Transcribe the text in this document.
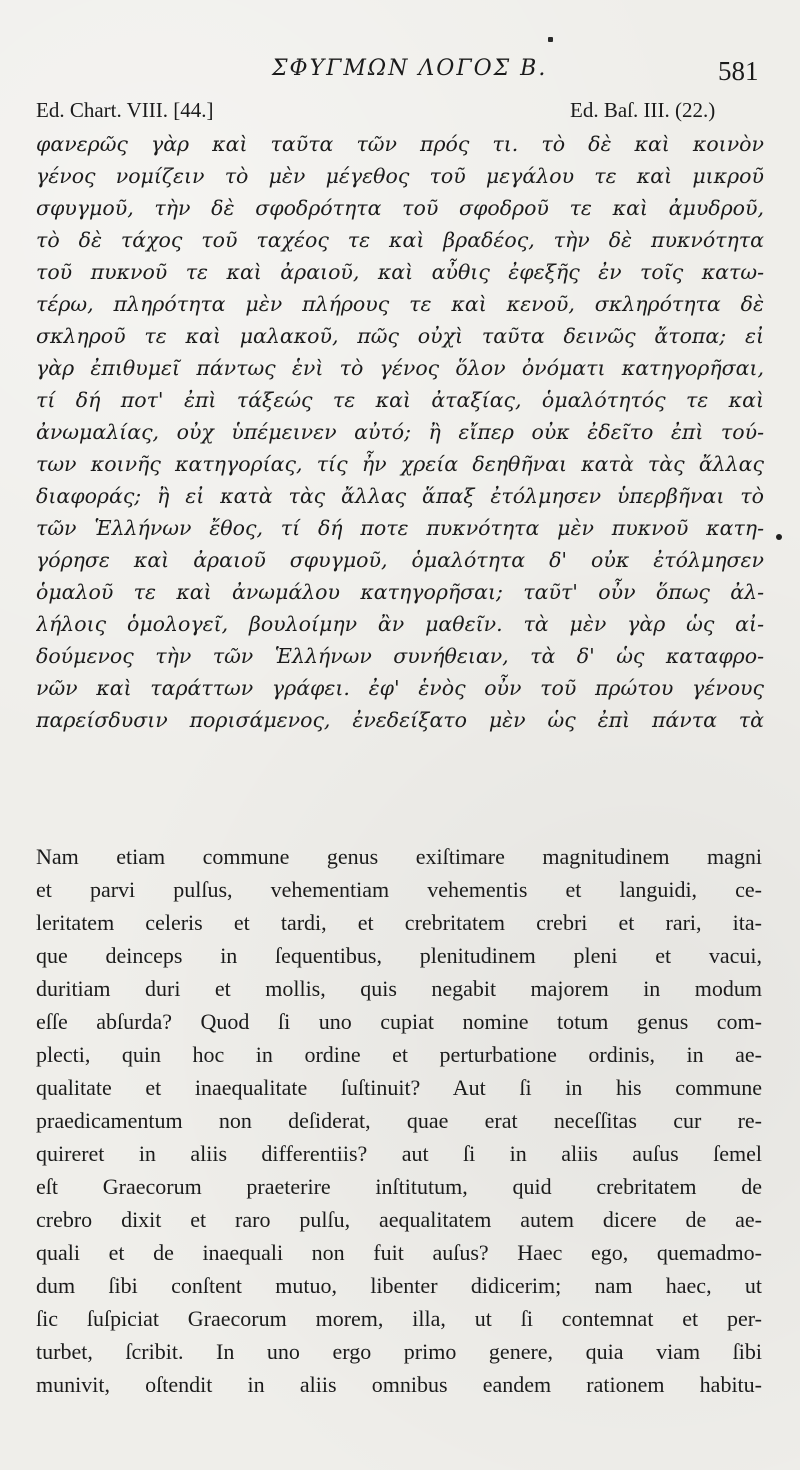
ΣΦΥΓΜΩΝ ΛΟΓΟΣ Β.	581
Ed. Chart. VIII. [44.]	Ed. Baſ. III. (22.)
φανερῶς γὰρ καὶ ταῦτα τῶν πρός τι. τὸ δὲ καὶ κοινὸν
γένος νομίζειν τὸ μὲν μέγεθος τοῦ μεγάλου τε καὶ μικροῦ
σφυγμοῦ, τὴν δὲ σφοδρότητα τοῦ σφοδροῦ τε καὶ ἀμυδροῦ,
τὸ δὲ τάχος τοῦ ταχέος τε καὶ βραδέος, τὴν δὲ πυκνότητα
τοῦ πυκνοῦ τε καὶ ἀραιοῦ, καὶ αὖθις ἐφεξῆς ἐν τοῖς κατω-
τέρω, πληρότητα μὲν πλήρους τε καὶ κενοῦ, σκληρότητα δὲ
σκληροῦ τε καὶ μαλακοῦ, πῶς οὐχὶ ταῦτα δεινῶς ἄτοπα; εἰ
γὰρ ἐπιθυμεῖ πάντως ἑνὶ τὸ γένος ὅλον ὀνόματι κατηγορῆσαι,
τί δή ποτ' ἐπὶ τάξεώς τε καὶ ἀταξίας, ὁμαλότητός τε καὶ
ἀνωμαλίας, οὐχ ὑπέμεινεν αὐτό; ἢ εἴπερ οὐκ ἐδεῖτο ἐπὶ τού-
των κοινῆς κατηγορίας, τίς ἦν χρεία δεηθῆναι κατὰ τὰς ἄλλας
διαφοράς; ἢ εἰ κατὰ τὰς ἄλλας ἅπαξ ἐτόλμησεν ὑπερβῆναι τὸ
τῶν Ἑλλήνων ἔθος, τί δή ποτε πυκνότητα μὲν πυκνοῦ κατη-
γόρησε καὶ ἀραιοῦ σφυγμοῦ, ὁμαλότητα δ' οὐκ ἐτόλμησεν
ὁμαλοῦ τε καὶ ἀνωμάλου κατηγορῆσαι; ταῦτ' οὖν ὅπως ἀλ-
λήλοις ὁμολογεῖ, βουλοίμην ἂν μαθεῖν. τὰ μὲν γὰρ ὡς αἰ-
δούμενος τὴν τῶν Ἑλλήνων συνήθειαν, τὰ δ' ὡς καταφρο-
νῶν καὶ ταράττων γράφει. ἐφ' ἑνὸς οὖν τοῦ πρώτου γένους
παρείσδυσιν πορισάμενος, ἐνεδείξατο μὲν ὡς ἐπὶ πάντα τὰ
Nam etiam commune genus exiſtimare magnitudinem magni
et parvi pulſus, vehementiam vehementis et languidi, ce-
leritatem celeris et tardi, et crebritatem crebri et rari, ita-
que deinceps in ſequentibus, plenitudinem pleni et vacui,
duritiam duri et mollis, quis negabit majorem in modum
eſſe abſurda? Quod ſi uno cupiat nomine totum genus com-
plecti, quin hoc in ordine et perturbatione ordinis, in ae-
qualitate et inaequalitate ſuſtinuit? Aut ſi in his commune
praedicamentum non deſiderat, quae erat neceſſitas cur re-
quireret in aliis differentiis? aut ſi in aliis auſus ſemel
eſt Graecorum praeterire inſtitutum, quid crebritatem de
crebro dixit et raro pulſu, aequalitatem autem dicere de ae-
quali et de inaequali non fuit auſus? Haec ego, quemadmo-
dum ſibi conſtent mutuo, libenter didicerim; nam haec, ut
ſic ſuſpiciat Graecorum morem, illa, ut ſi contemnat et per-
turbet, ſcribit. In uno ergo primo genere, quia viam ſibi
munivit, oſtendit in aliis omnibus eandem rationem habitu-
